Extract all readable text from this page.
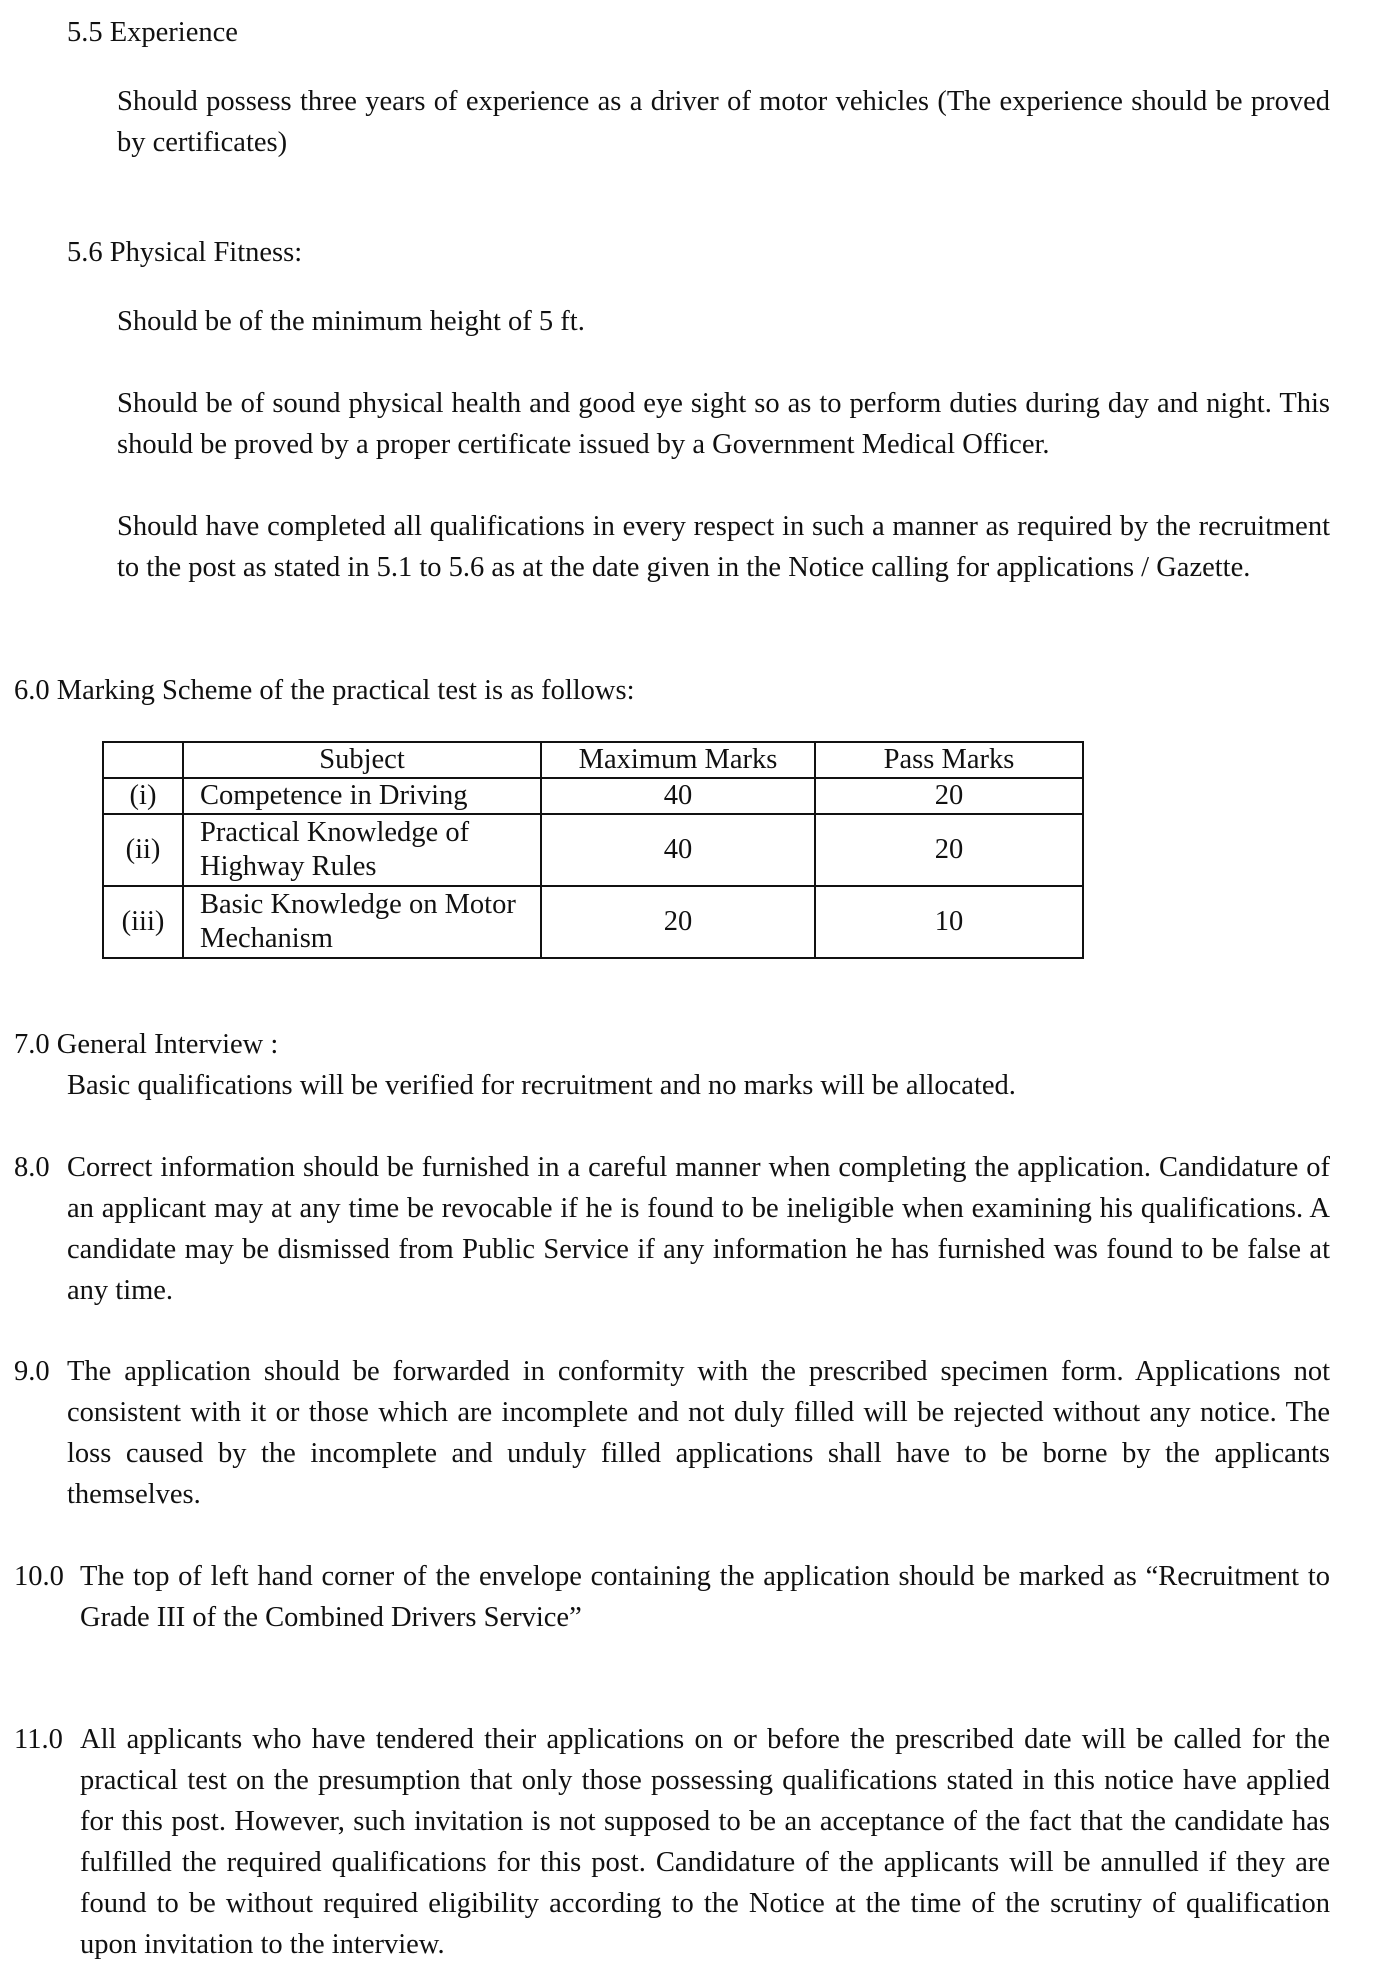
5.5 Experience
Should possess three years of experience as a driver of motor vehicles (The experience should be proved by certificates)
5.6 Physical Fitness:
Should be of the minimum height of 5 ft.
Should be of sound physical health and good eye sight so as to perform duties during day and night. This should be proved by a proper certificate issued by a Government Medical Officer.
Should have completed all qualifications in every respect in such a manner as required by the recruitment to the post as stated in 5.1 to 5.6 as at the date given in the Notice calling for applications / Gazette.
6.0 Marking Scheme of the practical test is as follows:
	Subject	Maximum Marks	Pass Marks
(i)	Competence in Driving	40	20
(ii)	Practical Knowledge of Highway Rules	40	20
(iii)	Basic Knowledge on Motor Mechanism	20	10
7.0 General Interview :
Basic qualifications will be verified for recruitment and no marks will be allocated.
8.0 Correct information should be furnished in a careful manner when completing the application. Candidature of an applicant may at any time be revocable if he is found to be ineligible when examining his qualifications. A candidate may be dismissed from Public Service if any information he has furnished was found to be false at any time.
9.0 The application should be forwarded in conformity with the prescribed specimen form. Applications not consistent with it or those which are incomplete and not duly filled will be rejected without any notice. The loss caused by the incomplete and unduly filled applications shall have to be borne by the applicants themselves.
10.0 The top of left hand corner of the envelope containing the application should be marked as “Recruitment to Grade III of the Combined Drivers Service”
11.0 All applicants who have tendered their applications on or before the prescribed date will be called for the practical test on the presumption that only those possessing qualifications stated in this notice have applied for this post. However, such invitation is not supposed to be an acceptance of the fact that the candidate has fulfilled the required qualifications for this post. Candidature of the applicants will be annulled if they are found to be without required eligibility according to the Notice at the time of the scrutiny of qualification upon invitation to the interview.
